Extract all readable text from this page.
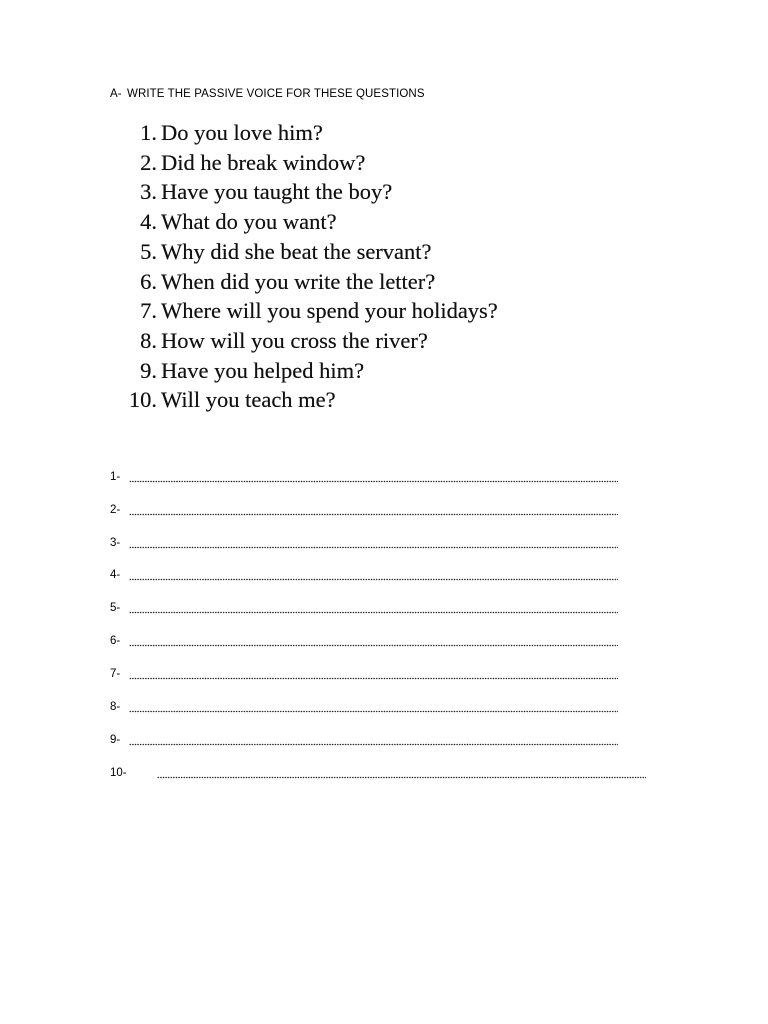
A- WRITE THE PASSIVE VOICE FOR THESE QUESTIONS
1. Do you love him?
2. Did he break window?
3. Have you taught the boy?
4. What do you want?
5. Why did she beat the servant?
6. When did you write the letter?
7. Where will you spend your holidays?
8. How will you cross the river?
9. Have you helped him?
10. Will you teach me?
1-
2-
3-
4-
5-
6-
7-
8-
9-
10-
